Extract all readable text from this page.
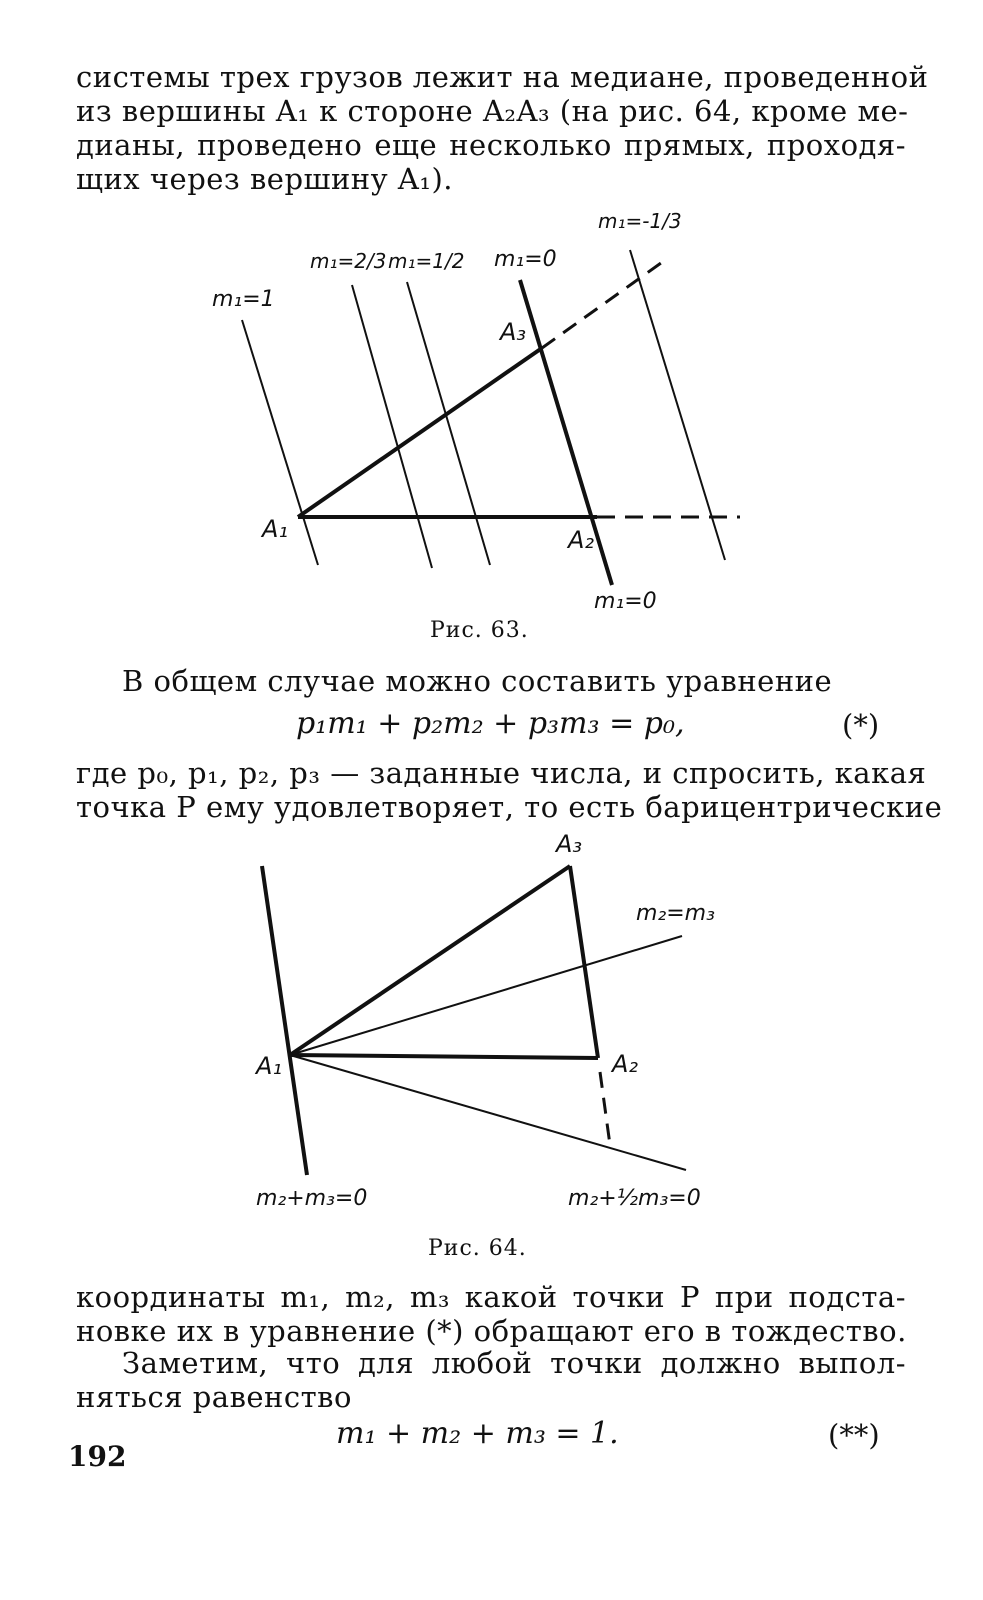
системы трех грузов лежит на медиане, проведенной
из вершины A₁ к стороне A₂A₃ (на рис. 64, кроме ме-
дианы, проведено еще несколько прямых, проходя-
щих через вершину A₁).
m₁=1
m₁=2/3 m₁=1/2 m₁=0
m₁=-1/3
A₃
A₁	A₂
m₁=0
Рис. 63.
В общем случае можно составить уравнение
p₁m₁ + p₂m₂ + p₃m₃ = p₀,	(*)
где p₀, p₁, p₂, p₃ — заданные числа, и спросить, какая
точка P ему удовлетворяет, то есть барицентрические
A₃
m₂=m₃
A₁	A₂
m₂+m₃=0	m₂+½m₃=0
Рис. 64.
координаты m₁, m₂, m₃ какой точки P при подста-
новке их в уравнение (*) обращают его в тождество.
Заметим, что для любой точки должно выпол-
няться равенство
m₁ + m₂ + m₃ = 1.	(**)
192
